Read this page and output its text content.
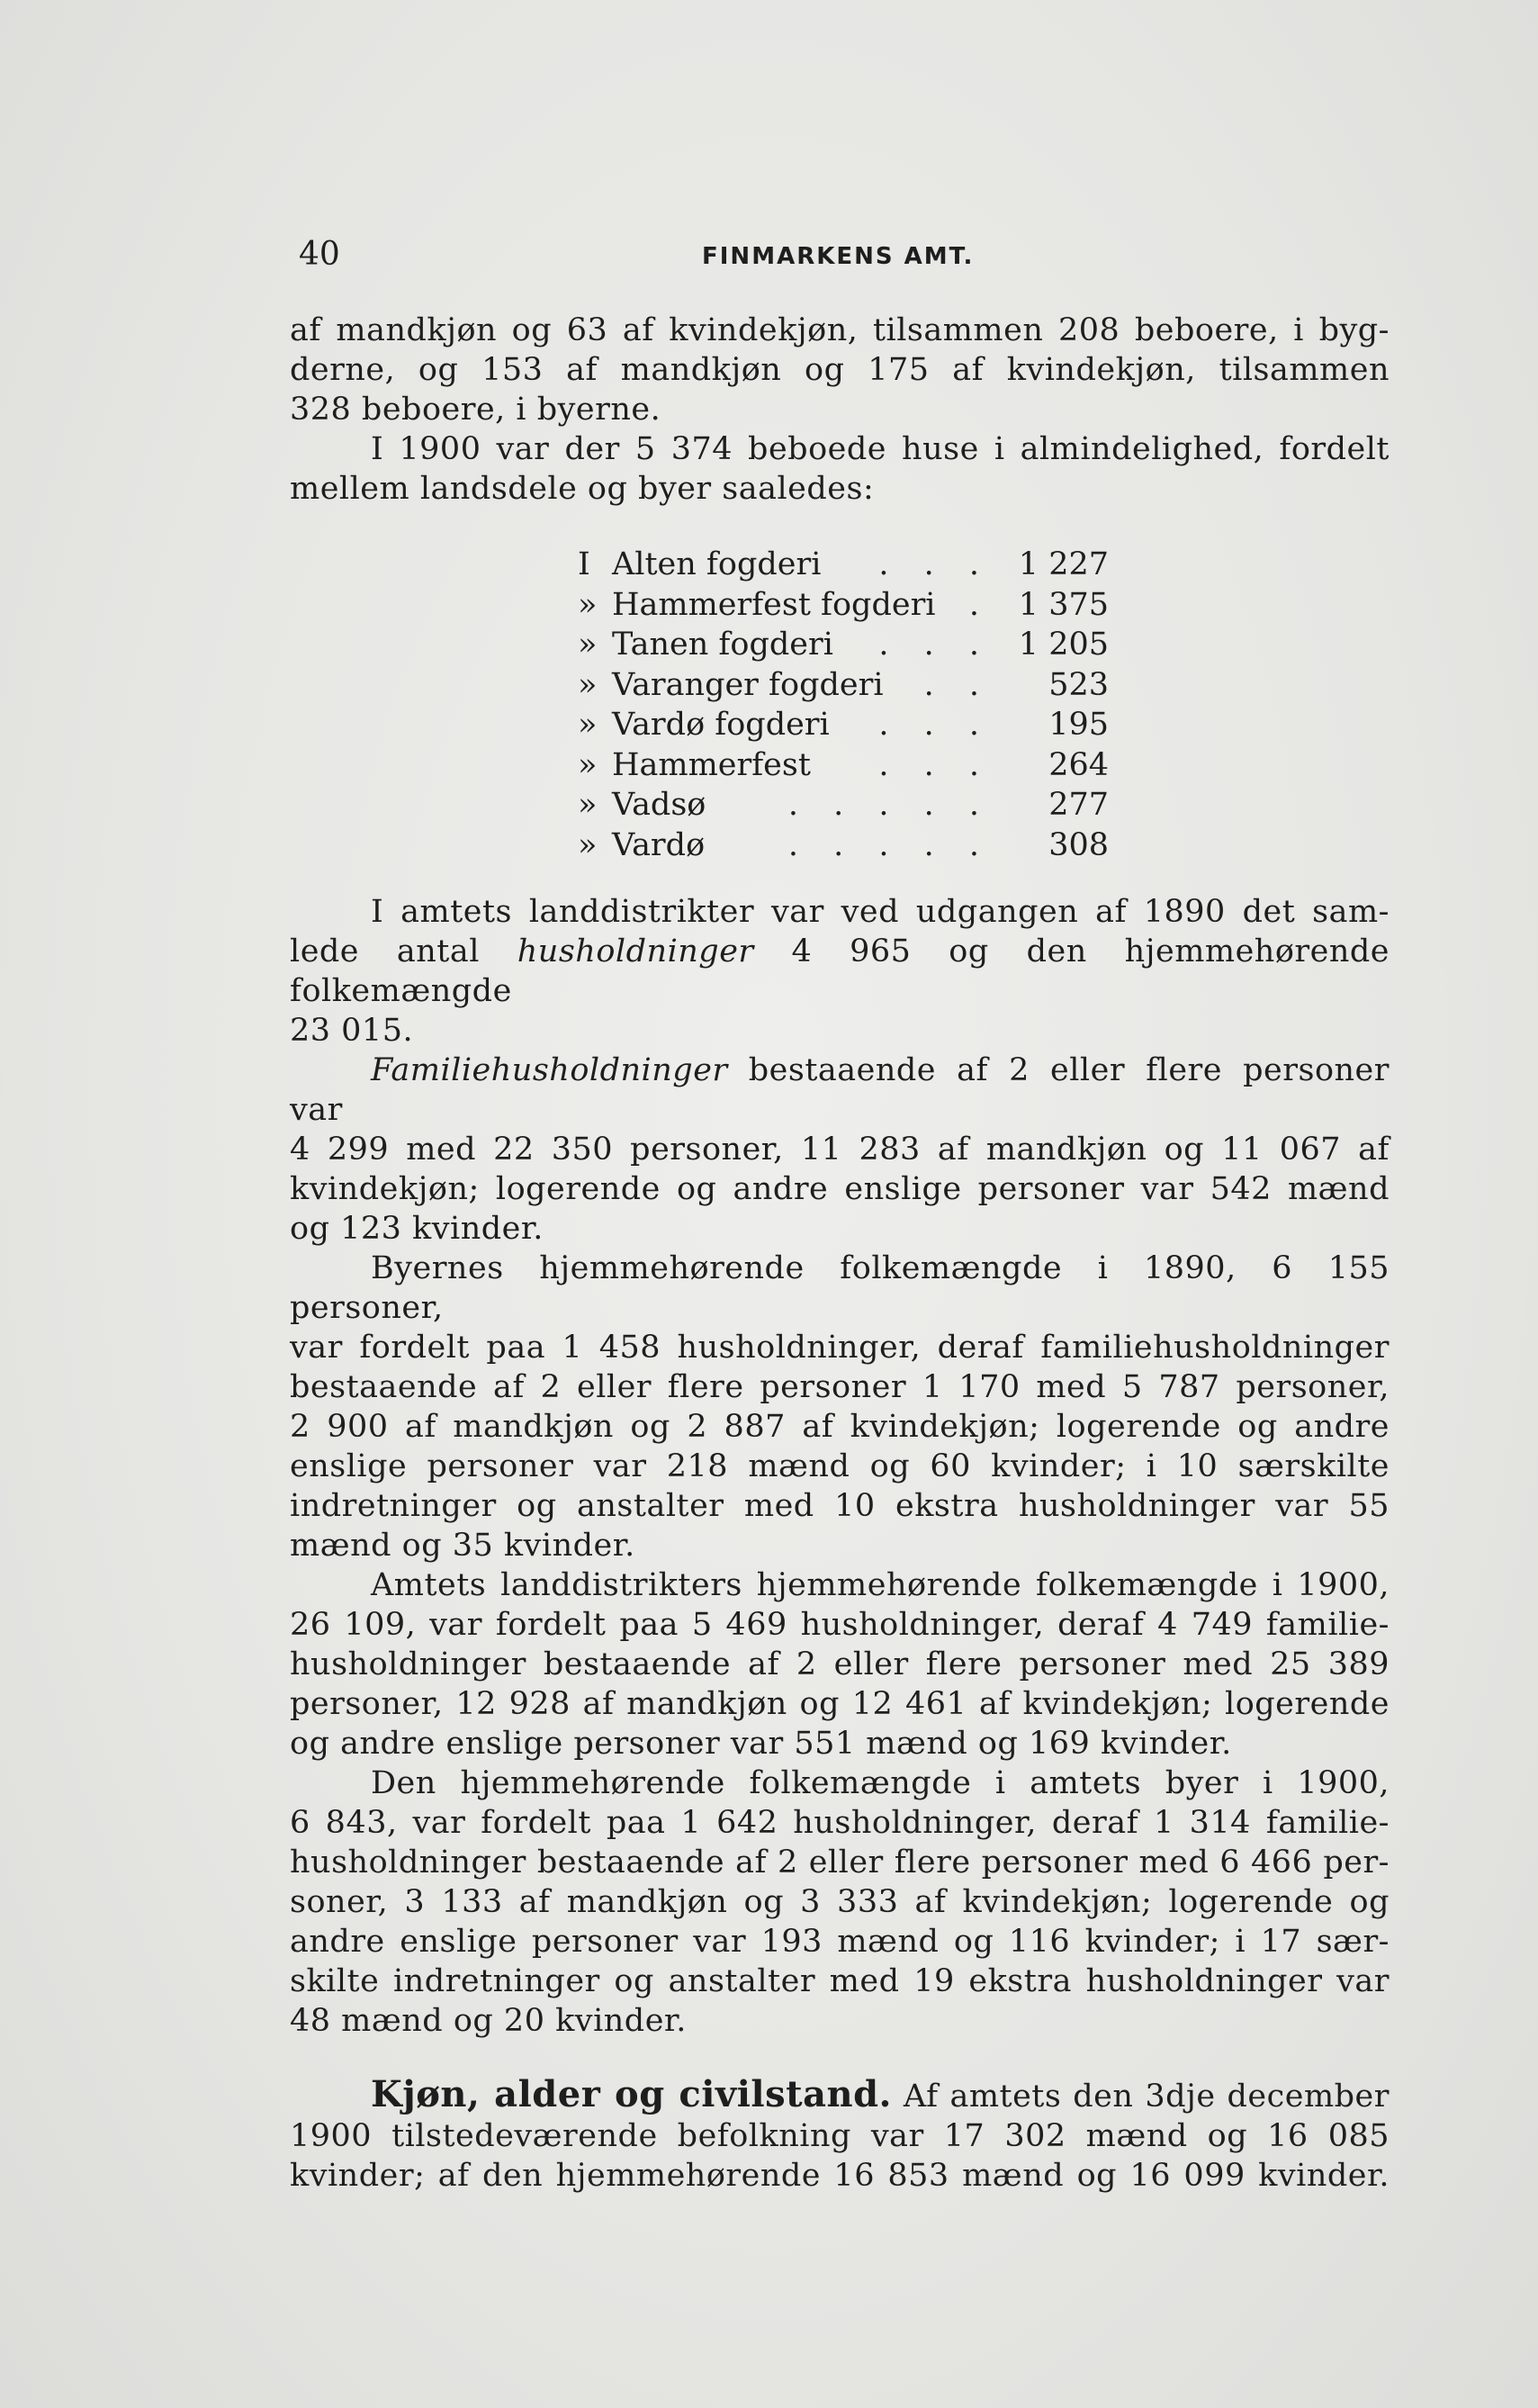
40	FINMARKENS AMT.

af mandkjøn og 63 af kvindekjøn, tilsammen 208 beboere, i byg-

derne, og 153 af mandkjøn og 175 af kvindekjøn, tilsammen

328 beboere, i byerne.

I 1900 var der 5 374 beboede huse i almindelighed, fordelt

mellem landsdele og byer saaledes:

I Alten fogderi	. . . 1 227
» Hammerfest fogderi	. 1 375
» Tanen fogderi	. . . 1 205
» Varanger fogderi	. . 523
» Vardø fogderi	. . . 195
» Hammerfest	. . . 264
» Vadsø	. . . . . 277
» Vardø	. . . . . 308

I amtets landdistrikter var ved udgangen af 1890 det sam-

lede antal husholdninger 4 965 og den hjemmehørende folkemængde

23 015.

Familiehusholdninger bestaaende af 2 eller flere personer var

4 299 med 22 350 personer, 11 283 af mandkjøn og 11 067 af

kvindekjøn; logerende og andre enslige personer var 542 mænd

og 123 kvinder.

Byernes hjemmehørende folkemængde i 1890, 6 155 personer,

var fordelt paa 1 458 husholdninger, deraf familiehusholdninger

bestaaende af 2 eller flere personer 1 170 med 5 787 personer,

2 900 af mandkjøn og 2 887 af kvindekjøn; logerende og andre

enslige personer var 218 mænd og 60 kvinder; i 10 særskilte

indretninger og anstalter med 10 ekstra husholdninger var 55

mænd og 35 kvinder.

Amtets landdistrikters hjemmehørende folkemængde i 1900,

26 109, var fordelt paa 5 469 husholdninger, deraf 4 749 familie-

husholdninger bestaaende af 2 eller flere personer med 25 389

personer, 12 928 af mandkjøn og 12 461 af kvindekjøn; logerende

og andre enslige personer var 551 mænd og 169 kvinder.

Den hjemmehørende folkemængde i amtets byer i 1900,

6 843, var fordelt paa 1 642 husholdninger, deraf 1 314 familie-

husholdninger bestaaende af 2 eller flere personer med 6 466 per-

soner, 3 133 af mandkjøn og 3 333 af kvindekjøn; logerende og

andre enslige personer var 193 mænd og 116 kvinder; i 17 sær-

skilte indretninger og anstalter med 19 ekstra husholdninger var

48 mænd og 20 kvinder.

Kjøn, alder og civilstand. Af amtets den 3dje december

1900 tilstedeværende befolkning var 17 302 mænd og 16 085

kvinder; af den hjemmehørende 16 853 mænd og 16 099 kvinder.
